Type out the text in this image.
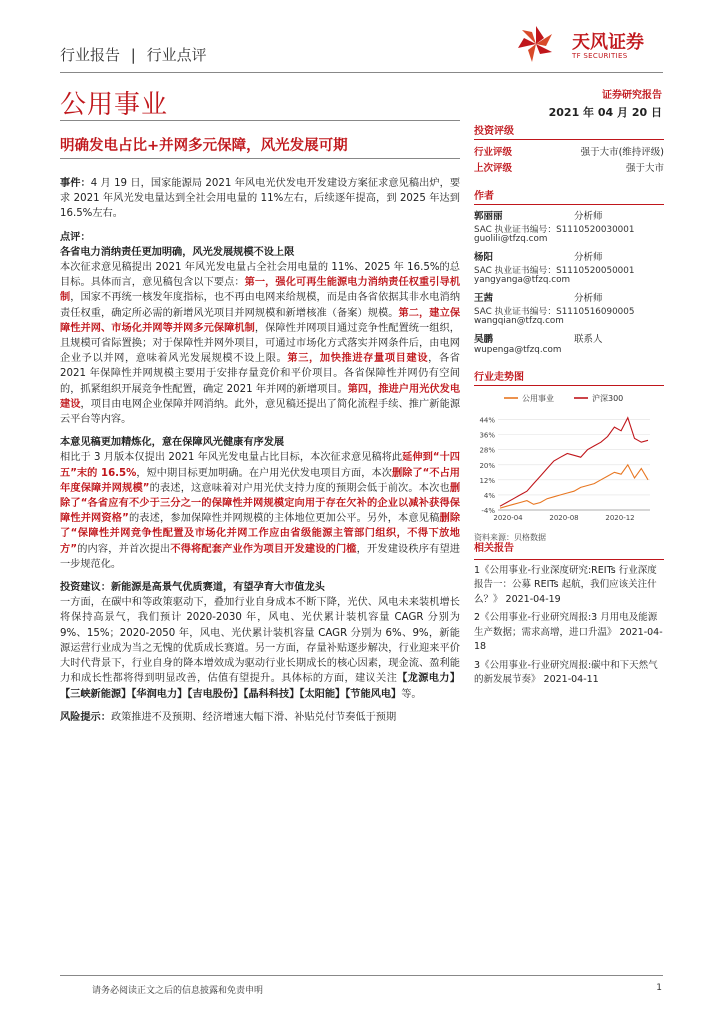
行业报告 | 行业点评
天风证券
TF SECURITIES
公用事业	证券研究报告
2021 年 04 月 20 日
明确发电占比+并网多元保障，风光发展可期

事件：4 月 19 日，国家能源局 2021 年风电光伏发电开发建设方案征求意见稿出炉，要求 2021 年风光发电量达到全社会用电量的 11%左右，后续逐年提高，到 2025 年达到 16.5%左右。

点评：

各省电力消纳责任更加明确，风光发展规模不设上限

本次征求意见稿提出 2021 年风光发电量占全社会用电量的 11%、2025 年 16.5%的总目标。具体而言，意见稿包含以下要点：第一，强化可再生能源电力消纳责任权重引导机制，国家不再统一核发年度指标，也不再由电网来给规模，而是由各省依据其非水电消纳责任权重，确定所必需的新增风光项目并网规模和新增核准（备案）规模。第二，建立保障性并网、市场化并网等并网多元保障机制，保障性并网项目通过竞争性配置统一组织，且规模可省际置换；对于保障性并网外项目，可通过市场化方式落实并网条件后，由电网企业予以并网，意味着风光发展规模不设上限。第三，加快推进存量项目建设，各省 2021 年保障性并网规模主要用于安排存量竞价和平价项目。各省保障性并网仍有空间的，抓紧组织开展竞争性配置，确定 2021 年并网的新增项目。第四，推进户用光伏发电建设，项目由电网企业保障并网消纳。此外，意见稿还提出了简化流程手续、推广新能源云平台等内容。

本意见稿更加精炼化，意在保障风光健康有序发展

相比于 3 月版本仅提出 2021 年风光发电量占比目标，本次征求意见稿将此延伸到“十四五”末的 16.5%，短中期目标更加明确。在户用光伏发电项目方面，本次删除了“不占用年度保障并网规模”的表述，这意味着对户用光伏支持力度的预期会低于前次。本次也删除了“各省应有不少于三分之一的保障性并网规模定向用于存在欠补的企业以减补获得保障性并网资格”的表述，参加保障性并网规模的主体地位更加公平。另外，本意见稿删除了“保障性并网竞争性配置及市场化并网工作应由省级能源主管部门组织，不得下放地方”的内容，并首次提出不得将配套产业作为项目开发建设的门槛，开发建设秩序有望进一步规范化。

投资建议：新能源是高景气优质赛道，有望孕育大市值龙头

一方面，在碳中和等政策驱动下，叠加行业自身成本不断下降，光伏、风电未来装机增长将保持高景气，我们预计 2020-2030 年，风电、光伏累计装机容量 CAGR 分别为 9%、15%；2020-2050 年，风电、光伏累计装机容量 CAGR 分别为 6%、9%，新能源运营行业成为当之无愧的优质成长赛道。另一方面，存量补贴逐步解决，行业迎来平价大时代背景下，行业自身的降本增效成为驱动行业长期成长的核心因素，现金流、盈利能力和成长性都将得到明显改善，估值有望提升。具体标的方面，建议关注【龙源电力】【三峡新能源】【华润电力】【吉电股份】【晶科科技】【太阳能】【节能风电】等。

风险提示：政策推进不及预期、经济增速大幅下滑、补贴兑付节奏低于预期

投资评级
行业评级	强于大市(维持评级)
上次评级	强于大市
作者
郭丽丽	分析师
SAC 执业证书编号：S1110520030001
guolili@tfzq.com
杨阳	分析师
SAC 执业证书编号：S1110520050001
yangyanga@tfzq.com
王茜	分析师
SAC 执业证书编号：S1110516090005
wangqian@tfzq.com
吴鹏	联系人
wupenga@tfzq.com
行业走势图
公用事业	沪深300
-4%
4%
12%
20%
28%
36%
44%
2020-04	2020-08	2020-12
资料来源：贝格数据
相关报告
1《公用事业-行业深度研究:REITs 行业深度报告一：公募 REITs 起航，我们应该关注什么？》 2021-04-19
2《公用事业-行业研究周报:3 月用电及能源生产数据；需求高增，进口升温》 2021-04-18
3《公用事业-行业研究周报:碳中和下天然气的新发展节奏》 2021-04-11
请务必阅读正文之后的信息披露和免责申明	1
